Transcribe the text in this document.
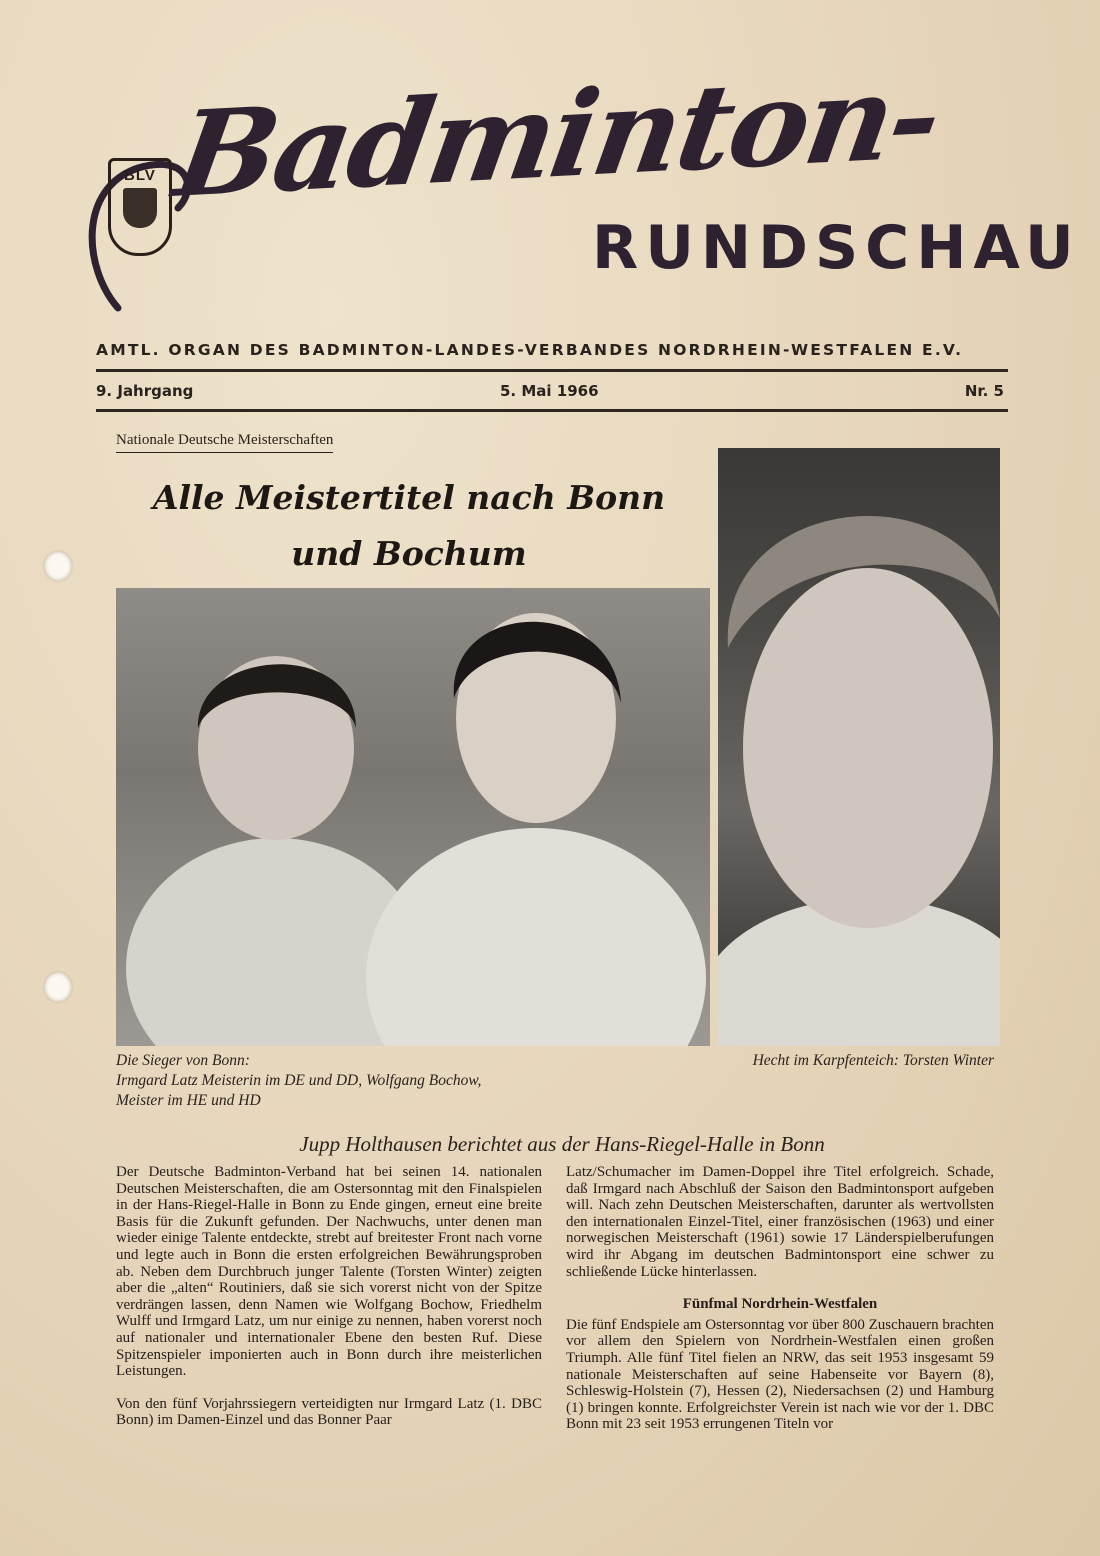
BLV Badminton-
RUNDSCHAU
AMTL. ORGAN DES BADMINTON-LANDES-VERBANDES NORDRHEIN-WESTFALEN E.V.
9. Jahrgang	5. Mai 1966	Nr. 5
Nationale Deutsche Meisterschaften
Alle Meistertitel nach Bonn
und Bochum
Die Sieger von Bonn:
Irmgard Latz Meisterin im DE und DD, Wolfgang Bochow,
Meister im HE und HD
Hecht im Karpfenteich: Torsten Winter
Jupp Holthausen berichtet aus der Hans-Riegel-Halle in Bonn

Der Deutsche Badminton-Verband hat bei seinen 14. nationalen Deutschen Meisterschaften, die am Ostersonntag mit den Finalspielen in der Hans-Riegel-Halle in Bonn zu Ende gingen, erneut eine breite Basis für die Zukunft gefunden. Der Nachwuchs, unter denen man wieder einige Talente entdeckte, strebt auf breitester Front nach vorne und legte auch in Bonn die ersten erfolgreichen Bewährungsproben ab. Neben dem Durchbruch junger Talente (Torsten Winter) zeigten aber die „alten“ Routiniers, daß sie sich vorerst nicht von der Spitze verdrängen lassen, denn Namen wie Wolfgang Bochow, Friedhelm Wulff und Irmgard Latz, um nur einige zu nennen, haben vorerst noch auf nationaler und internationaler Ebene den besten Ruf. Diese Spitzenspieler imponierten auch in Bonn durch ihre meisterlichen Leistungen.

Von den fünf Vorjahrssiegern verteidigten nur Irmgard Latz (1. DBC Bonn) im Damen-Einzel und das Bonner Paar

Latz/Schumacher im Damen-Doppel ihre Titel erfolgreich. Schade, daß Irmgard nach Abschluß der Saison den Badmintonsport aufgeben will. Nach zehn Deutschen Meisterschaften, darunter als wertvollsten den internationalen Einzel-Titel, einer französischen (1963) und einer norwegischen Meisterschaft (1961) sowie 17 Länderspielberufungen wird ihr Abgang im deutschen Badmintonsport eine schwer zu schließende Lücke hinterlassen.

Fünfmal Nordrhein-Westfalen

Die fünf Endspiele am Ostersonntag vor über 800 Zuschauern brachten vor allem den Spielern von Nordrhein-Westfalen einen großen Triumph. Alle fünf Titel fielen an NRW, das seit 1953 insgesamt 59 nationale Meisterschaften auf seine Habenseite vor Bayern (8), Schleswig-Holstein (7), Hessen (2), Niedersachsen (2) und Hamburg (1) bringen konnte. Erfolgreichster Verein ist nach wie vor der 1. DBC Bonn mit 23 seit 1953 errungenen Titeln vor
